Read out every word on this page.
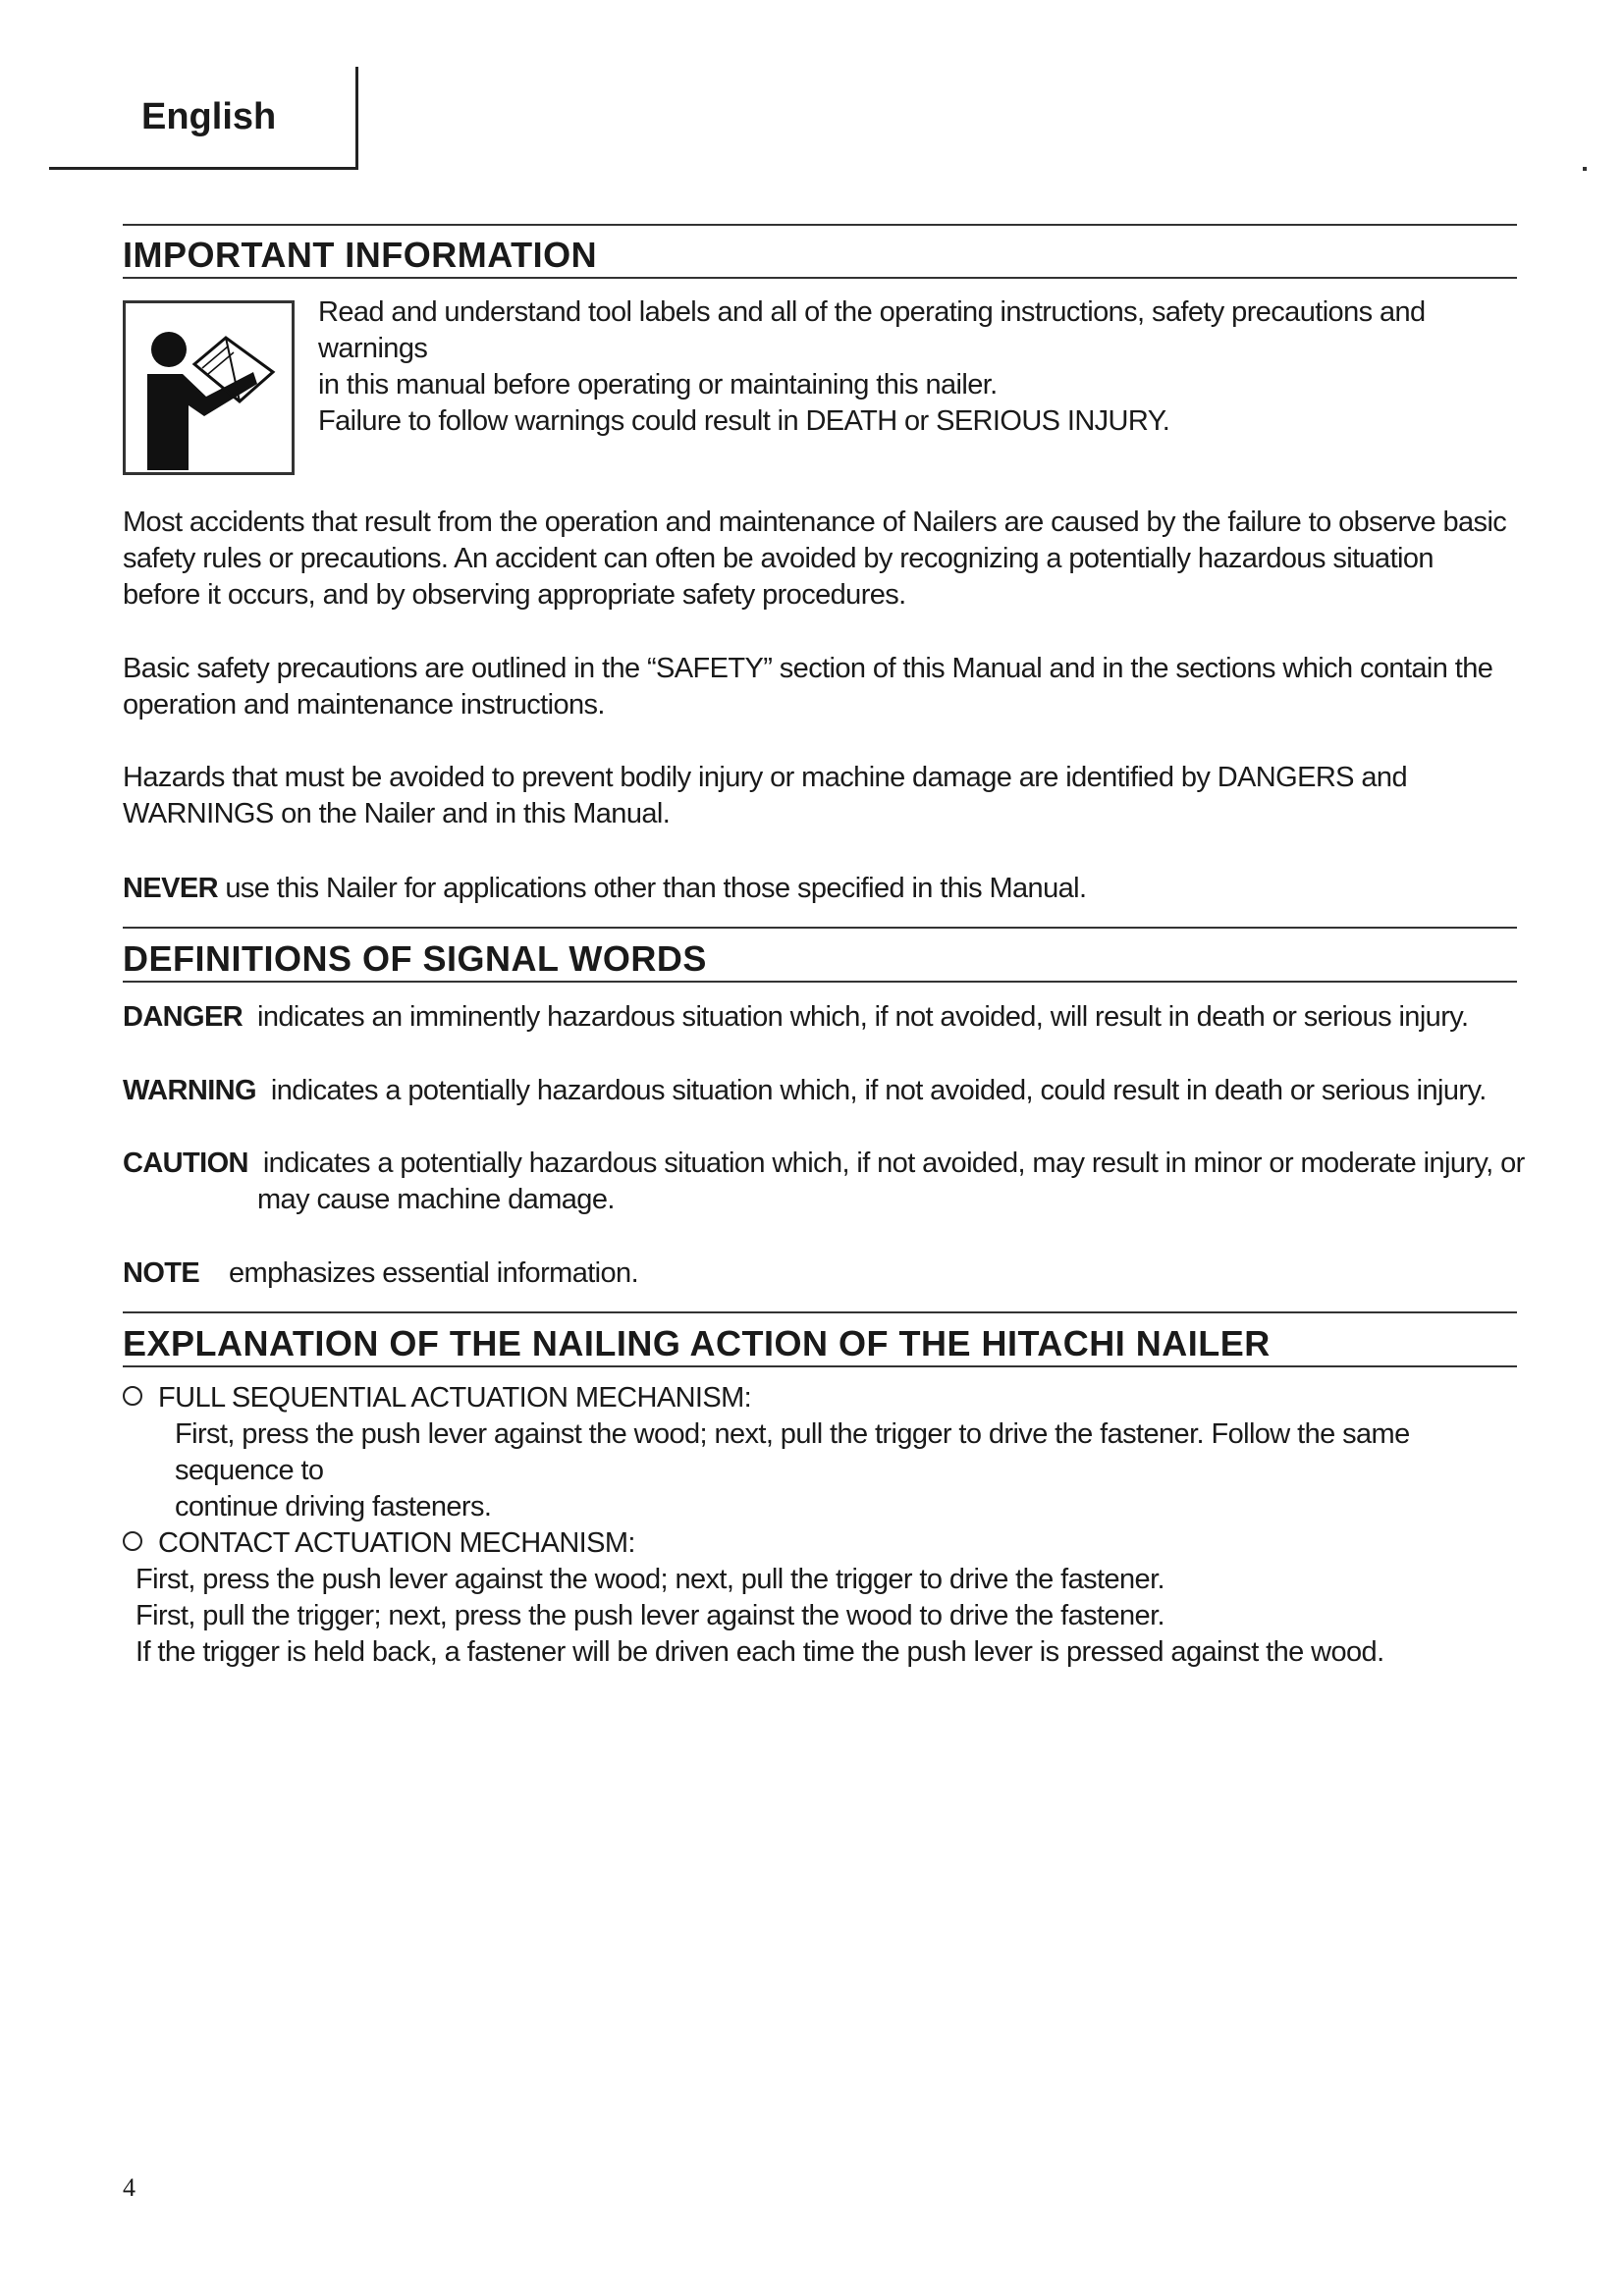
English
IMPORTANT INFORMATION
Read and understand tool labels and all of the operating instructions, safety precautions and warnings
in this manual before operating or maintaining this nailer.
Failure to follow warnings could result in DEATH or SERIOUS INJURY.
Most accidents that result from the operation and maintenance of Nailers are caused by the failure to observe basic safety rules or precautions. An accident can often be avoided by recognizing a potentially hazardous situation before it occurs, and by observing appropriate safety procedures.
Basic safety precautions are outlined in the “SAFETY” section of this Manual and in the sections which contain the operation and maintenance instructions.
Hazards that must be avoided to prevent bodily injury or machine damage are identified by DANGERS and WARNINGS on the Nailer and in this Manual.
NEVER use this Nailer for applications other than those specified in this Manual.
DEFINITIONS OF SIGNAL WORDS
DANGER indicates an imminently hazardous situation which, if not avoided, will result in death or serious injury.
WARNING indicates a potentially hazardous situation which, if not avoided, could result in death or serious injury.
CAUTION indicates a potentially hazardous situation which, if not avoided, may result in minor or moderate injury, or
may cause machine damage.
NOTE emphasizes essential information.
EXPLANATION OF THE NAILING ACTION OF THE HITACHI NAILER
FULL SEQUENTIAL ACTUATION MECHANISM:
First, press the push lever against the wood; next, pull the trigger to drive the fastener. Follow the same sequence to
continue driving fasteners.
CONTACT ACTUATION MECHANISM:
First, press the push lever against the wood; next, pull the trigger to drive the fastener.
First, pull the trigger; next, press the push lever against the wood to drive the fastener.
If the trigger is held back, a fastener will be driven each time the push lever is pressed against the wood.
4
